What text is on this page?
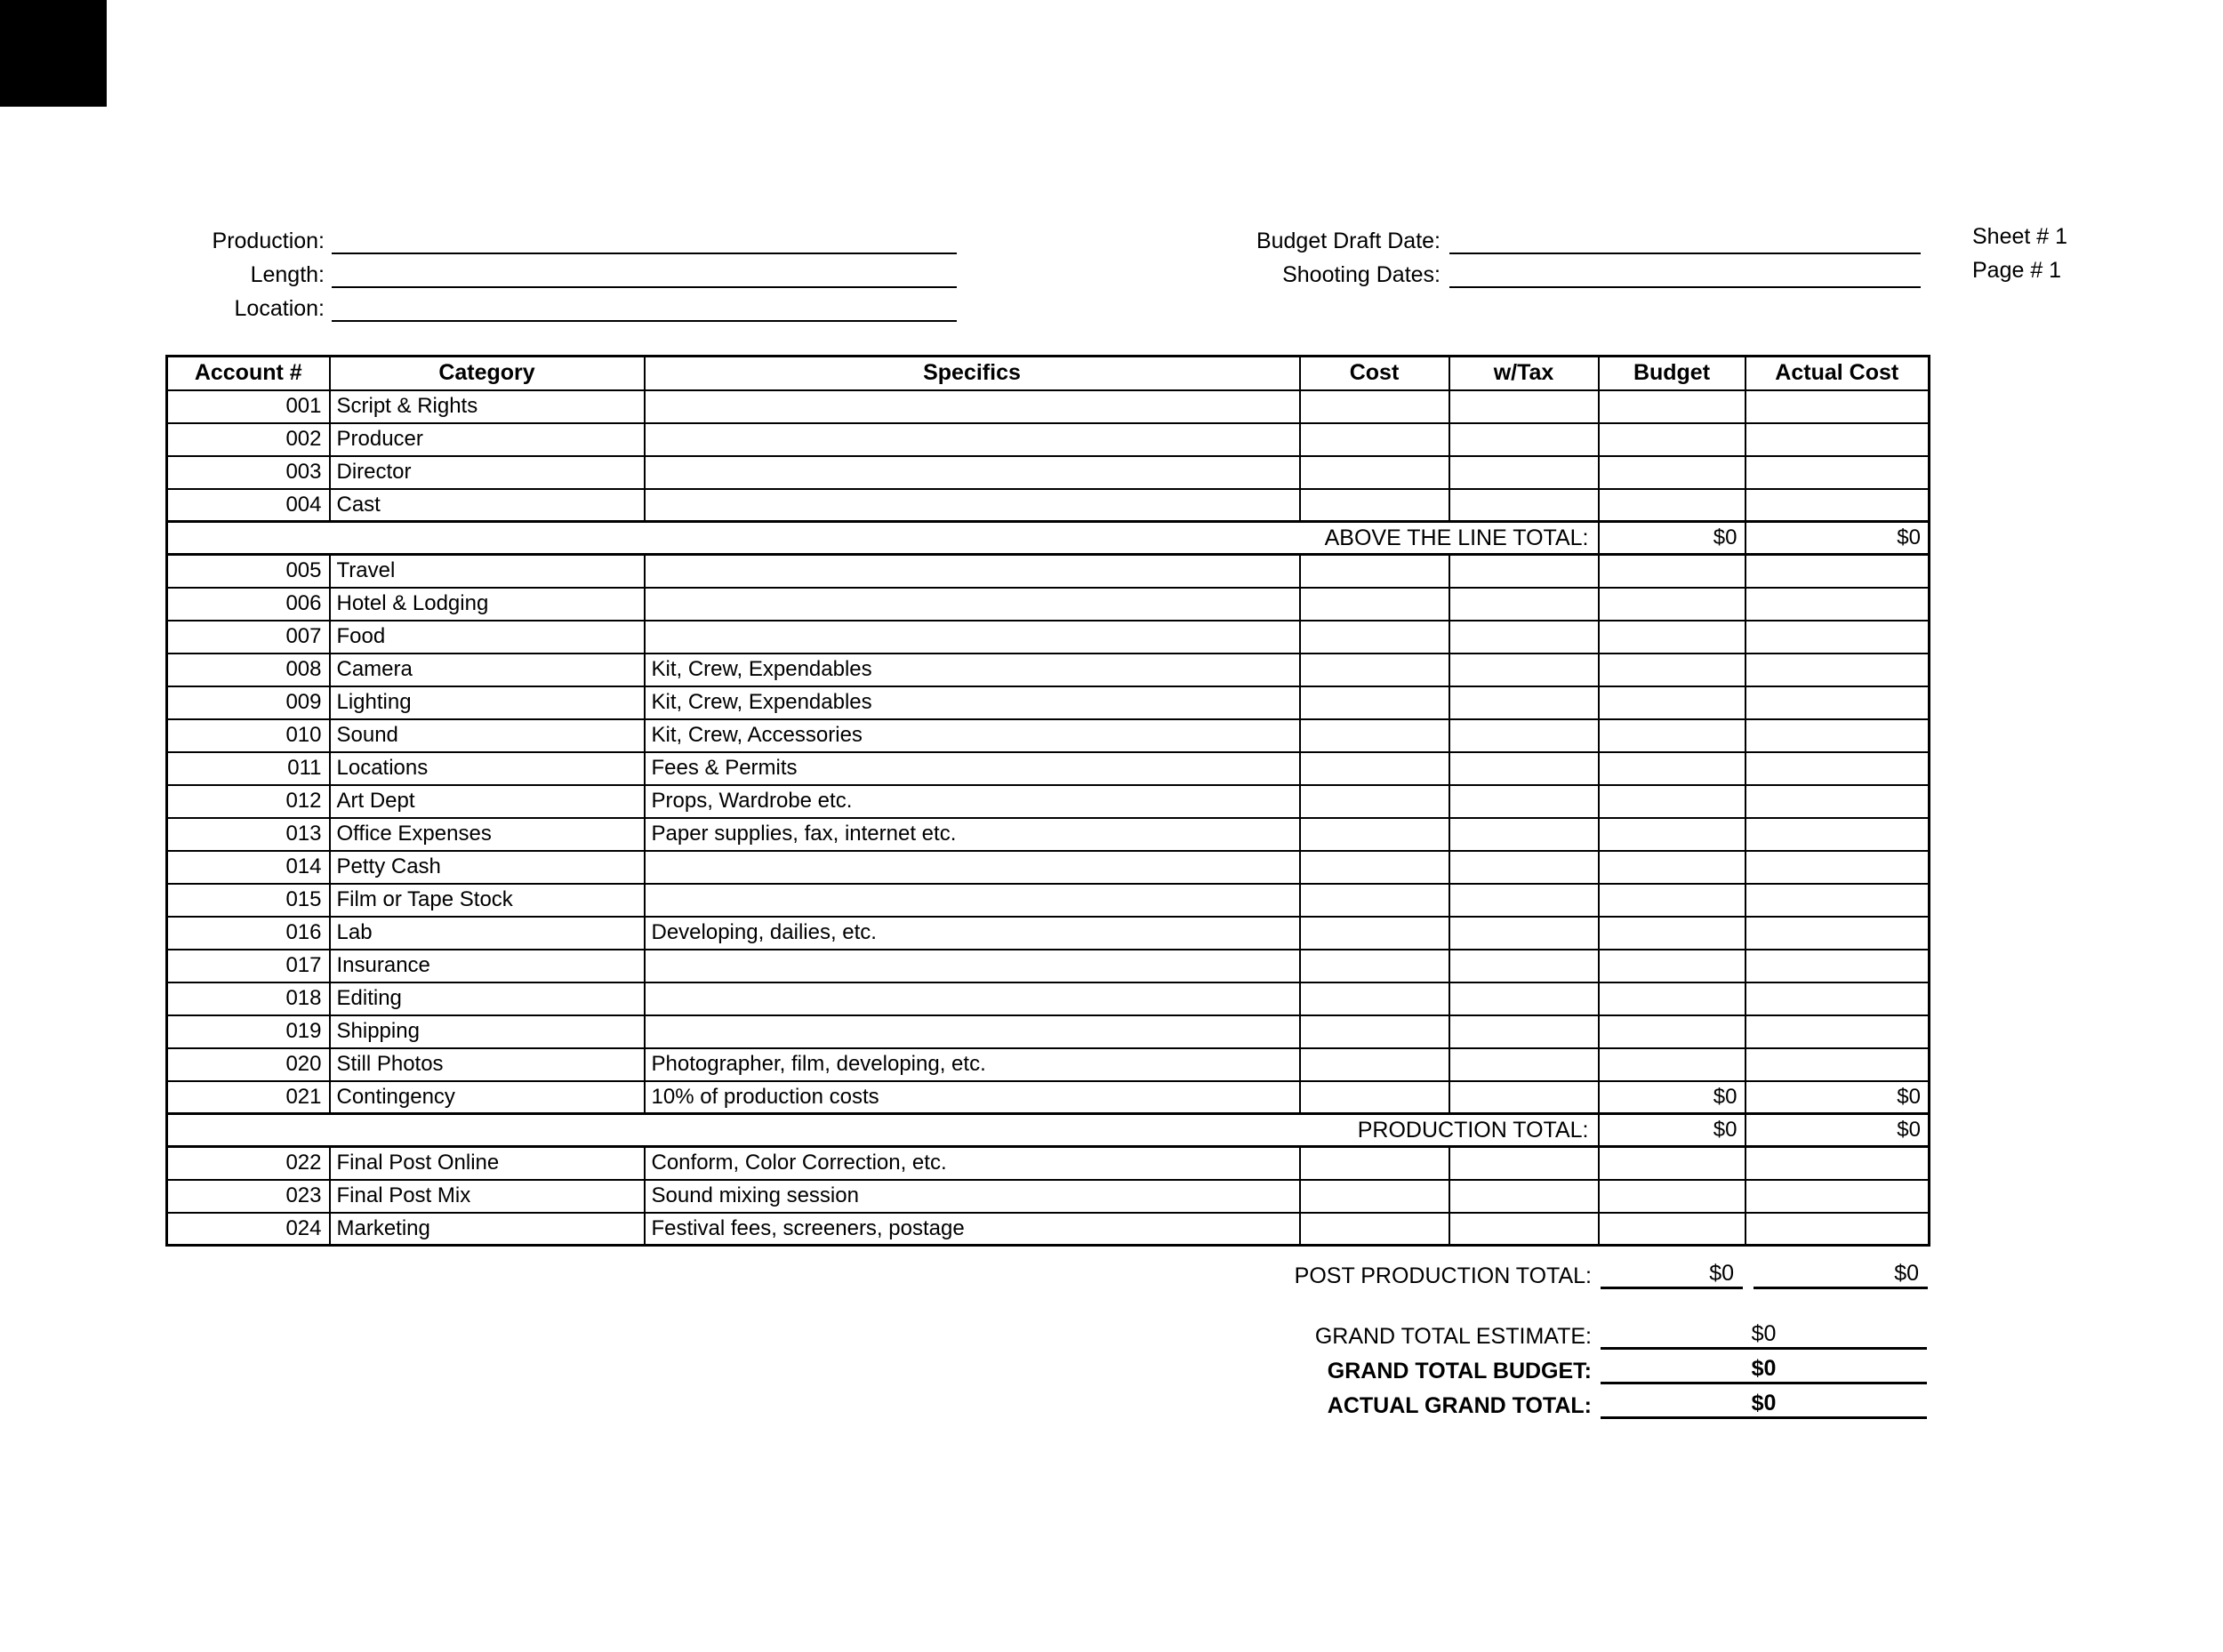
Production:
Length:
Location:
Budget Draft Date:
Shooting Dates:
Sheet # 1
Page # 1
Account #	Category	Specifics	Cost	w/Tax	Budget	Actual Cost
001	Script & Rights					
002	Producer					
003	Director					
004	Cast					
ABOVE THE LINE TOTAL:					$0	$0
005	Travel					
006	Hotel & Lodging					
007	Food					
008	Camera	Kit, Crew, Expendables				
009	Lighting	Kit, Crew, Expendables				
010	Sound	Kit, Crew, Accessories				
011	Locations	Fees & Permits				
012	Art Dept	Props, Wardrobe etc.				
013	Office Expenses	Paper supplies, fax, internet etc.				
014	Petty Cash					
015	Film or Tape Stock					
016	Lab	Developing, dailies, etc.				
017	Insurance					
018	Editing					
019	Shipping					
020	Still Photos	Photographer, film, developing, etc.				
021	Contingency	10% of production costs			$0	$0
PRODUCTION TOTAL:					$0	$0
022	Final Post Online	Conform, Color Correction, etc.				
023	Final Post Mix	Sound mixing session				
024	Marketing	Festival fees, screeners, postage				
POST PRODUCTION TOTAL:	$0	$0
GRAND TOTAL ESTIMATE:	$0
GRAND TOTAL BUDGET:	$0
ACTUAL GRAND TOTAL:	$0
